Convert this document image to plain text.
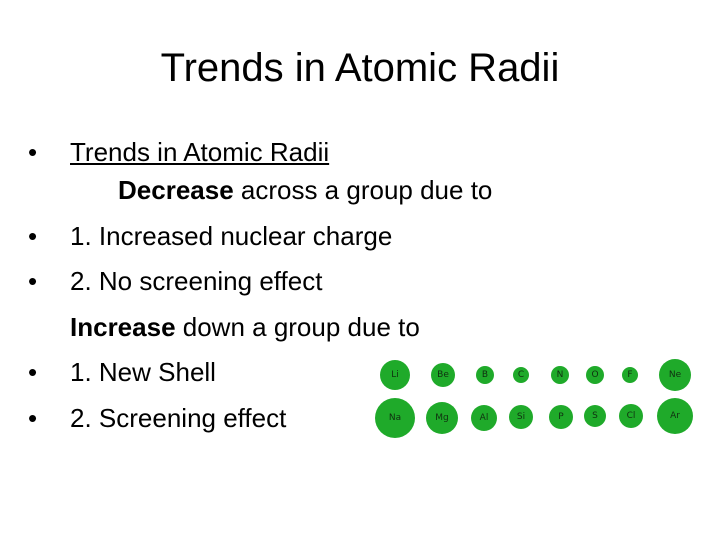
Trends in Atomic Radii
• Trends in Atomic Radii
Decrease across a group due to
• 1. Increased nuclear charge
• 2. No screening effect
Increase down a group due to
• 1. New Shell
• 2. Screening effect
Li	Be	B	C	N	O	F	Ne
Na	Mg	Al	Si	P	S	Cl	Ar
